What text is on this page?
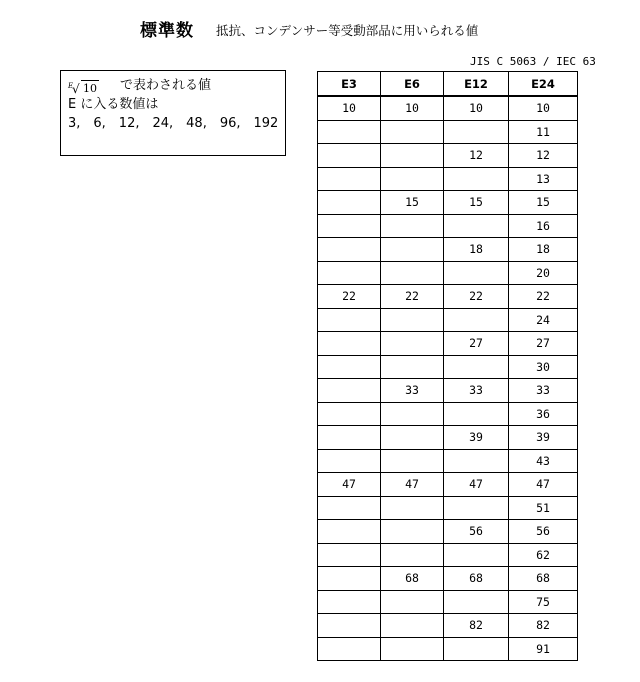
標準数 抵抗、コンデンサー等受動部品に用いられる値
JIS C 5063 / IEC 63
E
√ 10 で表わされる値
E に入る数値は
3,　6,　12,　24,　48,　96,　192
E3	E6	E12	E24
10	10	10	10
			11
		12	12
			13
	15	15	15
			16
		18	18
			20
22	22	22	22
			24
		27	27
			30
	33	33	33
			36
		39	39
			43
47	47	47	47
			51
		56	56
			62
	68	68	68
			75
		82	82
			91
